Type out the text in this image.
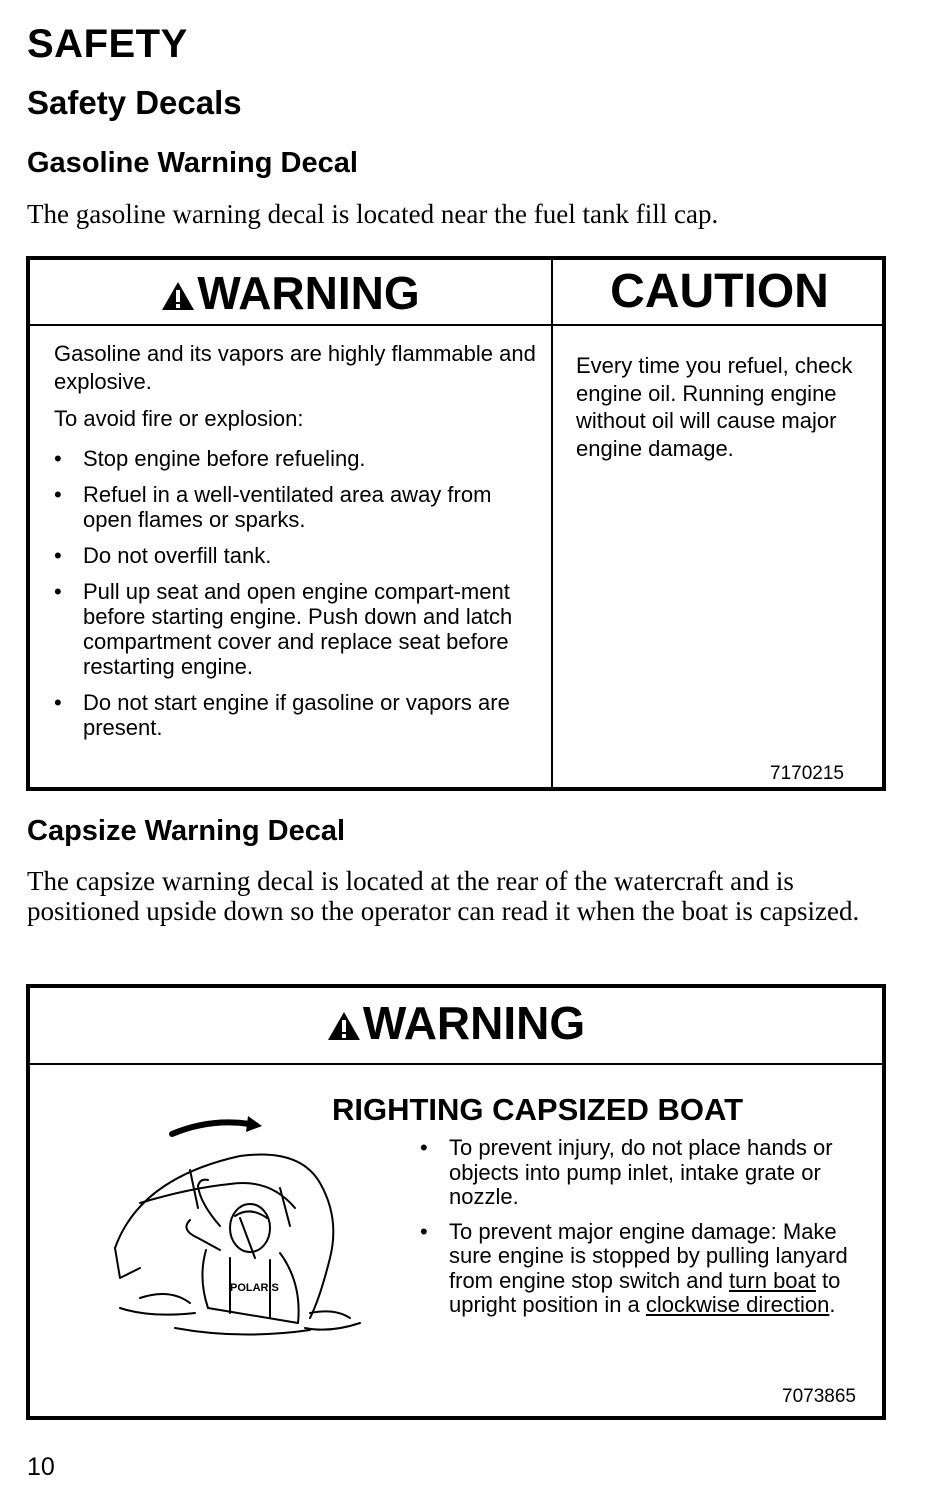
SAFETY
Safety Decals
Gasoline Warning Decal

The gasoline warning decal is located near the fuel tank fill cap.

WARNING	CAUTION

Gasoline and its vapors are highly flammable and explosive.

To avoid fire or explosion:

• Stop engine before refueling.
• Refuel in a well-ventilated area away from open flames or sparks.
• Do not overfill tank.
• Pull up seat and open engine compart-ment before starting engine. Push down and latch compartment cover and replace seat before restarting engine.
• Do not start engine if gasoline or vapors are present.

Every time you refuel, check engine oil. Running engine without oil will cause major engine damage.

7170215
Capsize Warning Decal

The capsize warning decal is located at the rear of the watercraft and is positioned upside down so the operator can read it when the boat is capsized.

WARNING
POLARIS
RIGHTING CAPSIZED BOAT
• To prevent injury, do not place hands or objects into pump inlet, intake grate or nozzle.
• To prevent major engine damage: Make sure engine is stopped by pulling lanyard from engine stop switch and turn boat to upright position in a clockwise direction.
7073865
10
